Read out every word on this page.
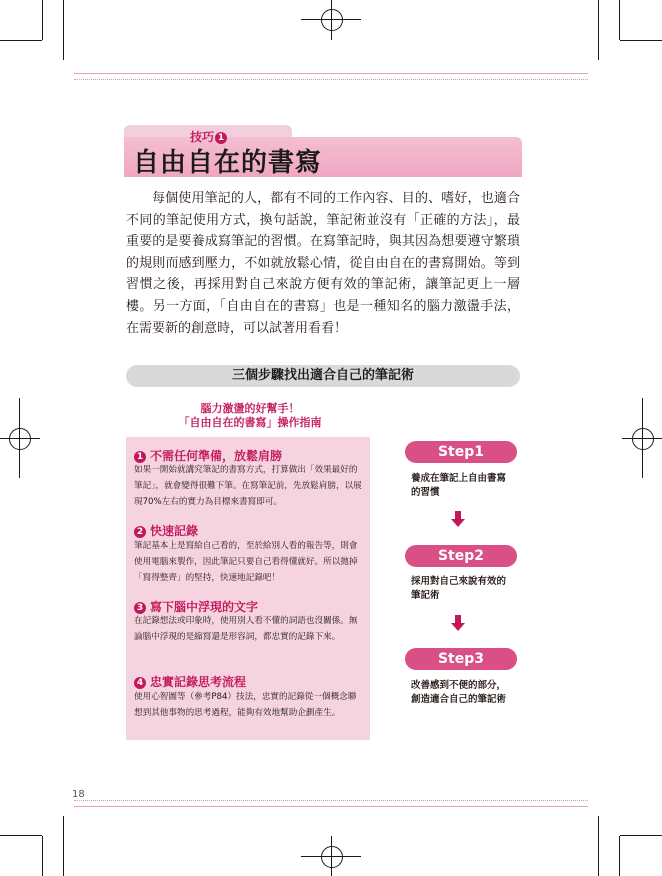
技巧 1
自由自在的書寫

每個使用筆記的人，都有不同的工作內容、目的、嗜好，也適合不同的筆記使用方式，換句話說，筆記術並沒有「正確的方法」，最重要的是要養成寫筆記的習慣。在寫筆記時，與其因為想要遵守繁瑣的規則而感到壓力，不如就放鬆心情，從自由自在的書寫開始。等到習慣之後，再採用對自己來說方便有效的筆記術，讓筆記更上一層樓。另一方面，「自由自在的書寫」也是一種知名的腦力激盪手法，在需要新的創意時，可以試著用看看！

三個步驟找出適合自己的筆記術
腦力激盪的好幫手！
「自由自在的書寫」操作指南
1 不需任何準備，放鬆肩膀
如果一開始就講究筆記的書寫方式，打算做出「效果最好的筆記」，就會變得很難下筆。在寫筆記前，先放鬆肩膀，以展現70%左右的實力為目標來書寫即可。
2 快速記錄
筆記基本上是寫給自己看的，至於給別人看的報告等，則會使用電腦來製作，因此筆記只要自己看得懂就好。所以拋掉「寫得整齊」的堅持，快速地記錄吧！
3 寫下腦中浮現的文字
在記錄想法或印象時，使用別人看不懂的詞語也沒關係。無論腦中浮現的是縮寫還是形容詞，都忠實的記錄下來。
4 忠實記錄思考流程
使用心智圖等（參考P84）技法，忠實的記錄從一個概念聯想到其他事物的思考過程，能夠有效地幫助企劃產生。
Step1
養成在筆記上自由書寫的習慣
Step2
採用對自己來說有效的筆記術
Step3
改善感到不便的部分，創造適合自己的筆記術
18
